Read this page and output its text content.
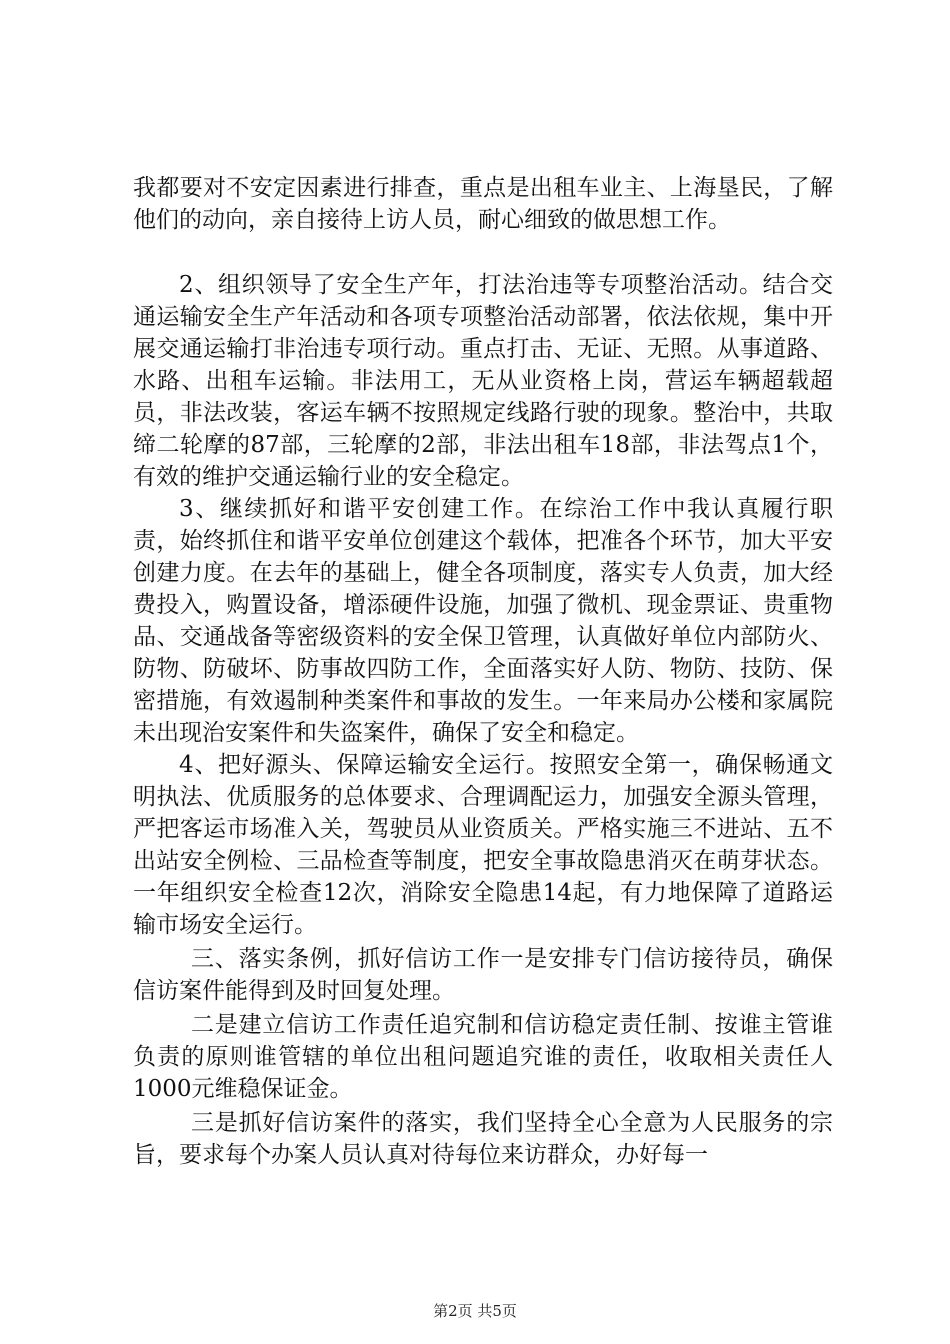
我都要对不安定因素进行排查，重点是出租车业主、上海垦民，了解他们的动向，亲自接待上访人员，耐心细致的做思想工作。

2、组织领导了安全生产年，打法治违等专项整治活动。结合交通运输安全生产年活动和各项专项整治活动部署，依法依规，集中开展交通运输打非治违专项行动。重点打击、无证、无照。从事道路、水路、出租车运输。非法用工，无从业资格上岗，营运车辆超载超员，非法改装，客运车辆不按照规定线路行驶的现象。整治中，共取缔二轮摩的87部，三轮摩的2部，非法出租车18部，非法驾点1个，有效的维护交通运输行业的安全稳定。

3、继续抓好和谐平安创建工作。在综治工作中我认真履行职责，始终抓住和谐平安单位创建这个载体，把准各个环节，加大平安创建力度。在去年的基础上，健全各项制度，落实专人负责，加大经费投入，购置设备，增添硬件设施，加强了微机、现金票证、贵重物品、交通战备等密级资料的安全保卫管理，认真做好单位内部防火、防物、防破坏、防事故四防工作，全面落实好人防、物防、技防、保密措施，有效遏制种类案件和事故的发生。一年来局办公楼和家属院未出现治安案件和失盗案件，确保了安全和稳定。

4、把好源头、保障运输安全运行。按照安全第一，确保畅通文明执法、优质服务的总体要求、合理调配运力，加强安全源头管理，严把客运市场准入关，驾驶员从业资质关。严格实施三不进站、五不出站安全例检、三品检查等制度，把安全事故隐患消灭在萌芽状态。一年组织安全检查12次，消除安全隐患14起，有力地保障了道路运输市场安全运行。

三、落实条例，抓好信访工作一是安排专门信访接待员，确保信访案件能得到及时回复处理。

二是建立信访工作责任追究制和信访稳定责任制、按谁主管谁负责的原则谁管辖的单位出租问题追究谁的责任，收取相关责任人1000元维稳保证金。

三是抓好信访案件的落实，我们坚持全心全意为人民服务的宗旨，要求每个办案人员认真对待每位来访群众，办好每一

第2页 共5页
